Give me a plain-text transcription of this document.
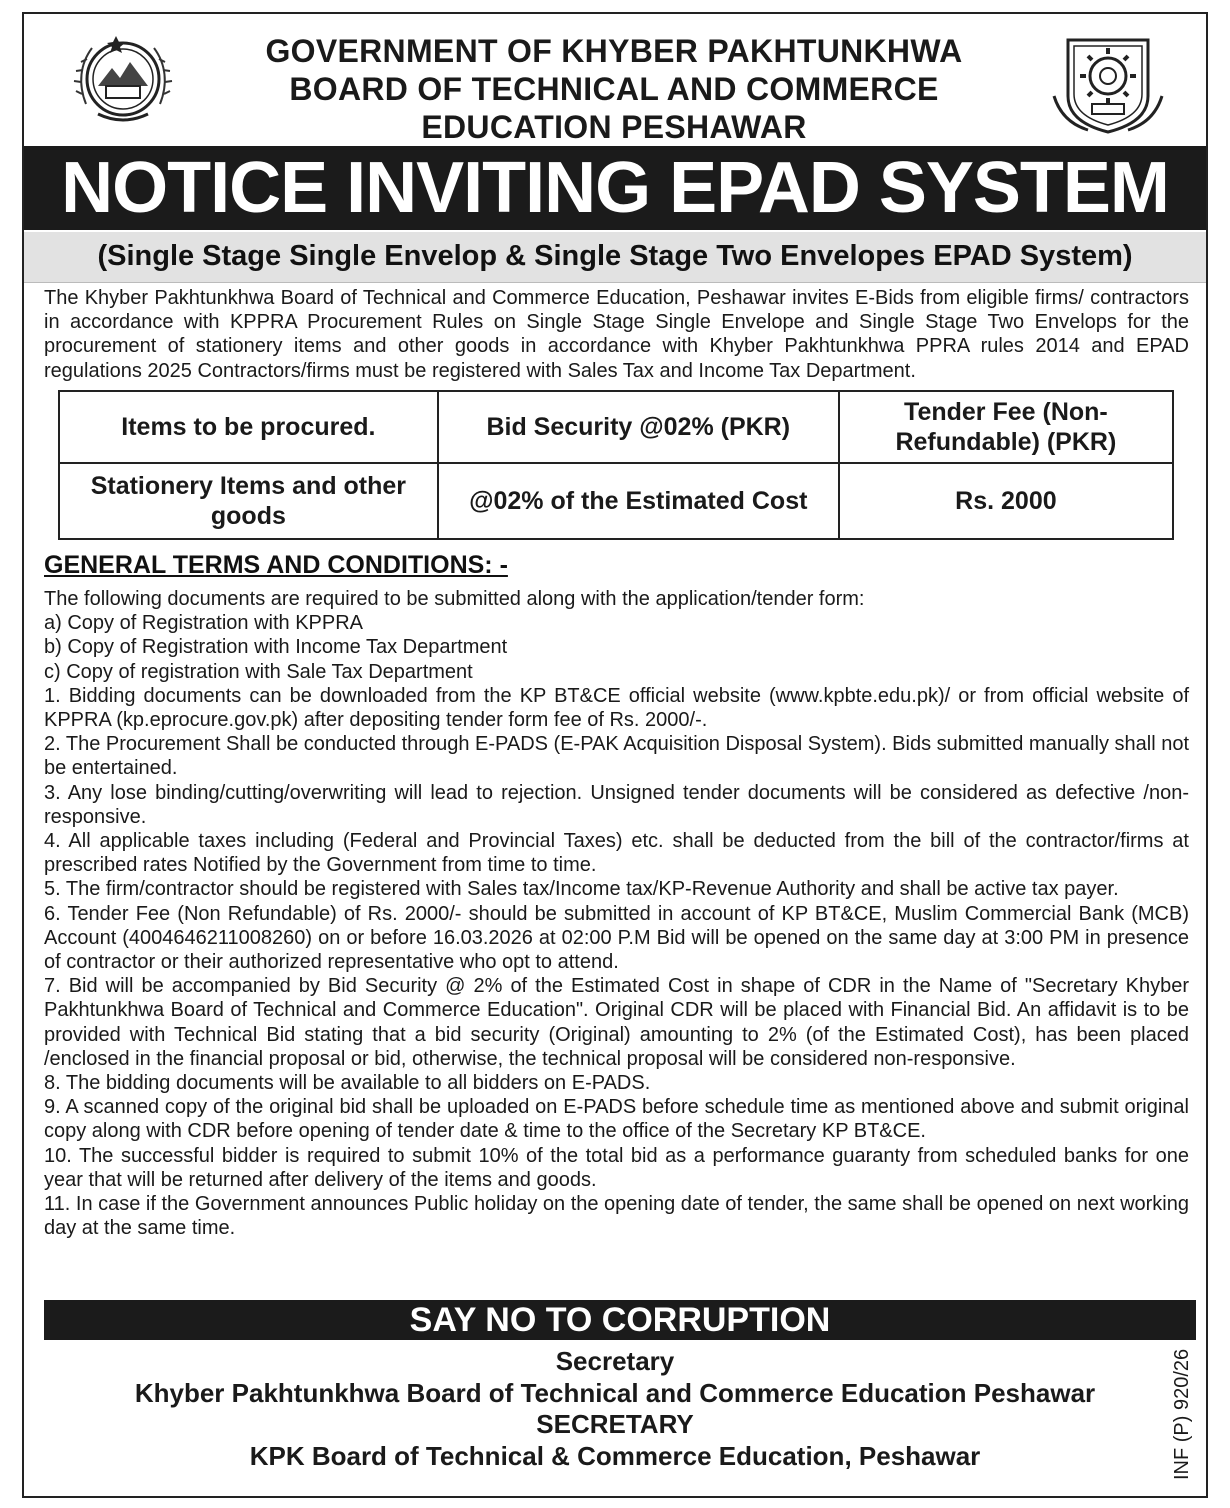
GOVERNMENT OF KHYBER PAKHTUNKHWA
BOARD OF TECHNICAL AND COMMERCE
EDUCATION PESHAWAR
NOTICE INVITING EPAD SYSTEM
(Single Stage Single Envelop & Single Stage Two Envelopes EPAD System)
The Khyber Pakhtunkhwa Board of Technical and Commerce Education, Peshawar invites E-Bids from eligible firms/ contractors in accordance with KPPRA Procurement Rules on Single Stage Single Envelope and Single Stage Two Envelops for the procurement of stationery items and other goods in accordance with Khyber Pakhtunkhwa PPRA rules 2014 and EPAD regulations 2025 Contractors/firms must be registered with Sales Tax and Income Tax Department.
Items to be procured.	Bid Security @02% (PKR)	Tender Fee (Non-Refundable) (PKR)
Stationery Items and other goods	@02% of the Estimated Cost	Rs. 2000
GENERAL TERMS AND CONDITIONS: -

The following documents are required to be submitted along with the application/tender form:

a) Copy of Registration with KPPRA

b) Copy of Registration with Income Tax Department

c) Copy of registration with Sale Tax Department

1. Bidding documents can be downloaded from the KP BT&CE official website (www.kpbte.edu.pk)/ or from official website of KPPRA (kp.eprocure.gov.pk) after depositing tender form fee of Rs. 2000/-.

2. The Procurement Shall be conducted through E-PADS (E-PAK Acquisition Disposal System). Bids submitted manually shall not be entertained.

3. Any lose binding/cutting/overwriting will lead to rejection. Unsigned tender documents will be considered as defective /non-responsive.

4. All applicable taxes including (Federal and Provincial Taxes) etc. shall be deducted from the bill of the contractor/firms at prescribed rates Notified by the Government from time to time.

5. The firm/contractor should be registered with Sales tax/Income tax/KP-Revenue Authority and shall be active tax payer.

6. Tender Fee (Non Refundable) of Rs. 2000/- should be submitted in account of KP BT&CE, Muslim Commercial Bank (MCB) Account (4004646211008260) on or before 16.03.2026 at 02:00 P.M Bid will be opened on the same day at 3:00 PM in presence of contractor or their authorized representative who opt to attend.

7. Bid will be accompanied by Bid Security @ 2% of the Estimated Cost in shape of CDR in the Name of "Secretary Khyber Pakhtunkhwa Board of Technical and Commerce Education". Original CDR will be placed with Financial Bid. An affidavit is to be provided with Technical Bid stating that a bid security (Original) amounting to 2% (of the Estimated Cost), has been placed /enclosed in the financial proposal or bid, otherwise, the technical proposal will be considered non-responsive.

8. The bidding documents will be available to all bidders on E-PADS.

9. A scanned copy of the original bid shall be uploaded on E-PADS before schedule time as mentioned above and submit original copy along with CDR before opening of tender date & time to the office of the Secretary KP BT&CE.

10. The successful bidder is required to submit 10% of the total bid as a performance guaranty from scheduled banks for one year that will be returned after delivery of the items and goods.

11. In case if the Government announces Public holiday on the opening date of tender, the same shall be opened on next working day at the same time.

SAY NO TO CORRUPTION
Secretary
Khyber Pakhtunkhwa Board of Technical and Commerce Education Peshawar
SECRETARY
KPK Board of Technical & Commerce Education, Peshawar	INF (P) 920/26
